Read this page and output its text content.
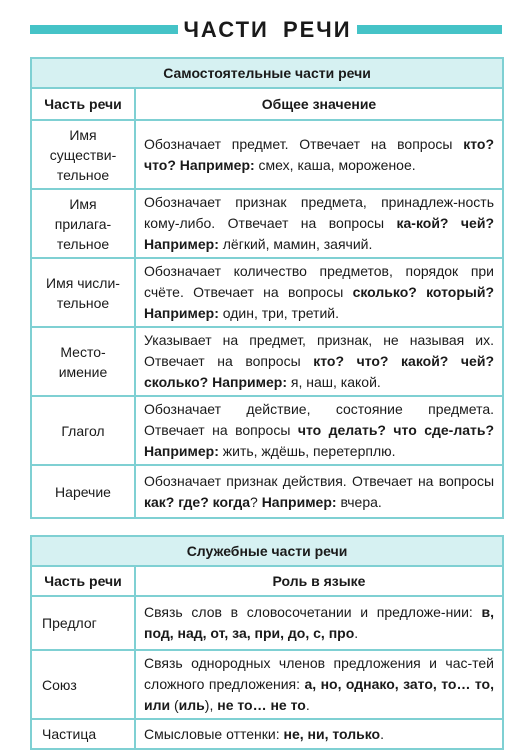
ЧАСТИ РЕЧИ
Самостоятельные части речи	
Часть речи	Общее значение
Имя существи-тельное	Обозначает предмет. Отвечает на вопросы кто? что? Например: смех, каша, мороженое.
Имя прилага-тельное	Обозначает признак предмета, принадлеж-ность кому-либо. Отвечает на вопросы ка-кой? чей? Например: лёгкий, мамин, заячий.
Имя числи-тельное	Обозначает количество предметов, порядок при счёте. Отвечает на вопросы сколько? который? Например: один, три, третий.
Место-имение	Указывает на предмет, признак, не называя их. Отвечает на вопросы кто? что? какой? чей? сколько? Например: я, наш, какой.
Глагол	Обозначает действие, состояние предмета. Отвечает на вопросы что делать? что сде-лать? Например: жить, ждёшь, перетерплю.
Наречие	Обозначает признак действия. Отвечает на вопросы как? где? когда? Например: вчера.
Служебные части речи	
Часть речи	Роль в языке
Предлог	Связь слов в словосочетании и предложе-нии: в, под, над, от, за, при, до, с, про.
Союз	Связь однородных членов предложения и час-тей сложного предложения: а, но, однако, зато, то… то, или (иль), не то… не то.
Частица	Смысловые оттенки: не, ни, только.
